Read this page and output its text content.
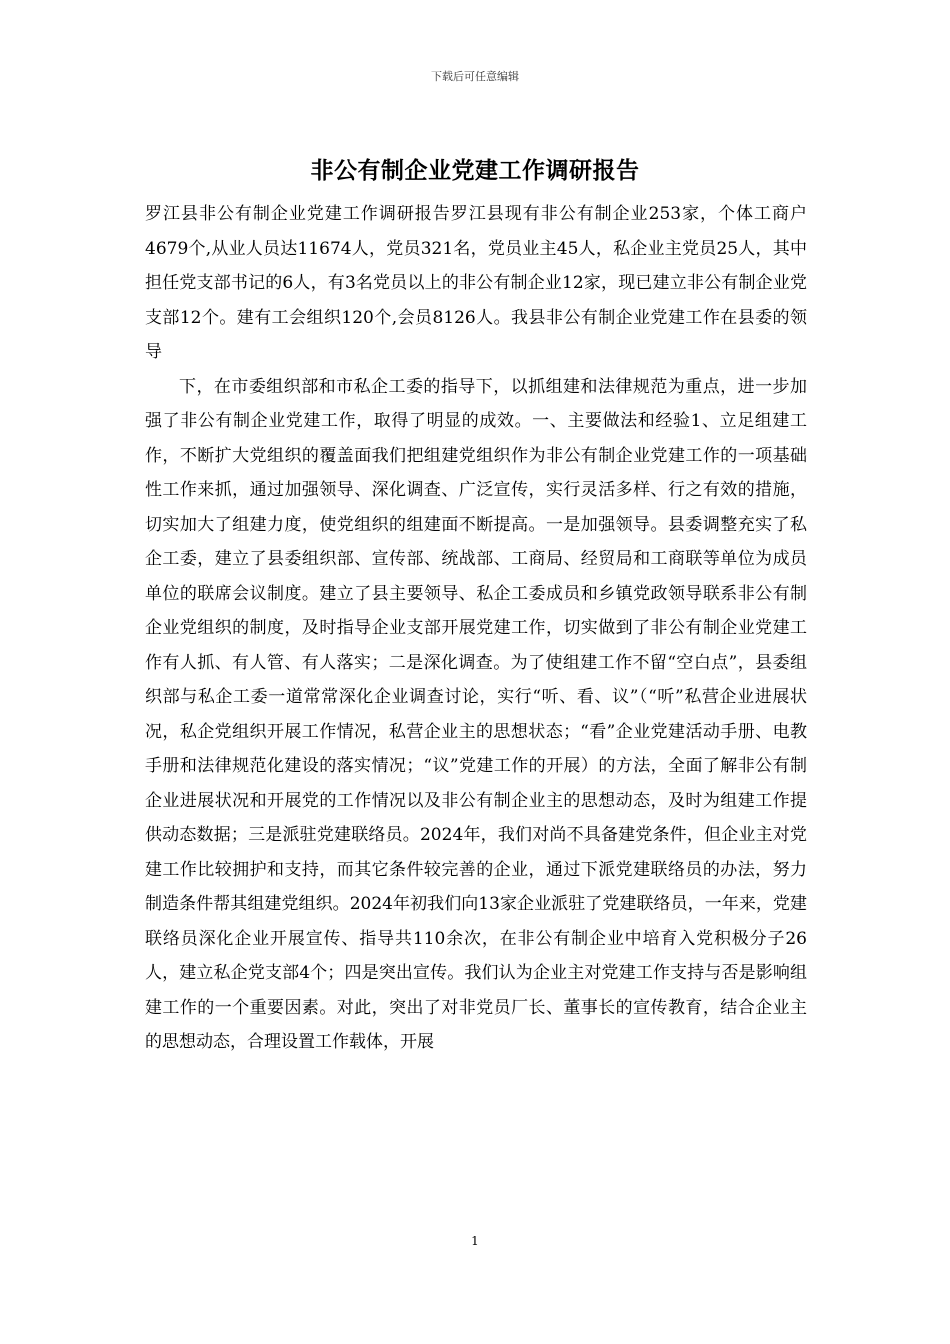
下载后可任意编辑
非公有制企业党建工作调研报告

罗江县非公有制企业党建工作调研报告罗江县现有非公有制企业253家，个体工商户4679个,从业人员达11674人，党员321名，党员业主45人，私企业主党员25人，其中担任党支部书记的6人，有3名党员以上的非公有制企业12家，现已建立非公有制企业党支部12个。建有工会组织120个,会员8126人。我县非公有制企业党建工作在县委的领导

下，在市委组织部和市私企工委的指导下，以抓组建和法律规范为重点，进一步加强了非公有制企业党建工作，取得了明显的成效。一、主要做法和经验1、立足组建工作，不断扩大党组织的覆盖面我们把组建党组织作为非公有制企业党建工作的一项基础性工作来抓，通过加强领导、深化调查、广泛宣传，实行灵活多样、行之有效的措施，切实加大了组建力度，使党组织的组建面不断提高。一是加强领导。县委调整充实了私企工委，建立了县委组织部、宣传部、统战部、工商局、经贸局和工商联等单位为成员单位的联席会议制度。建立了县主要领导、私企工委成员和乡镇党政领导联系非公有制企业党组织的制度，及时指导企业支部开展党建工作，切实做到了非公有制企业党建工作有人抓、有人管、有人落实；二是深化调查。为了使组建工作不留“空白点”，县委组织部与私企工委一道常常深化企业调查讨论，实行“听、看、议”（“听”私营企业进展状况，私企党组织开展工作情况，私营企业主的思想状态；“看”企业党建活动手册、电教手册和法律规范化建设的落实情况；“议”党建工作的开展）的方法，全面了解非公有制企业进展状况和开展党的工作情况以及非公有制企业主的思想动态，及时为组建工作提供动态数据；三是派驻党建联络员。2024年，我们对尚不具备建党条件，但企业主对党建工作比较拥护和支持，而其它条件较完善的企业，通过下派党建联络员的办法，努力制造条件帮其组建党组织。2024年初我们向13家企业派驻了党建联络员，一年来，党建联络员深化企业开展宣传、指导共110余次，在非公有制企业中培育入党积极分子26人，建立私企党支部4个；四是突出宣传。我们认为企业主对党建工作支持与否是影响组建工作的一个重要因素。对此，突出了对非党员厂长、董事长的宣传教育，结合企业主的思想动态，合理设置工作载体，开展

1
